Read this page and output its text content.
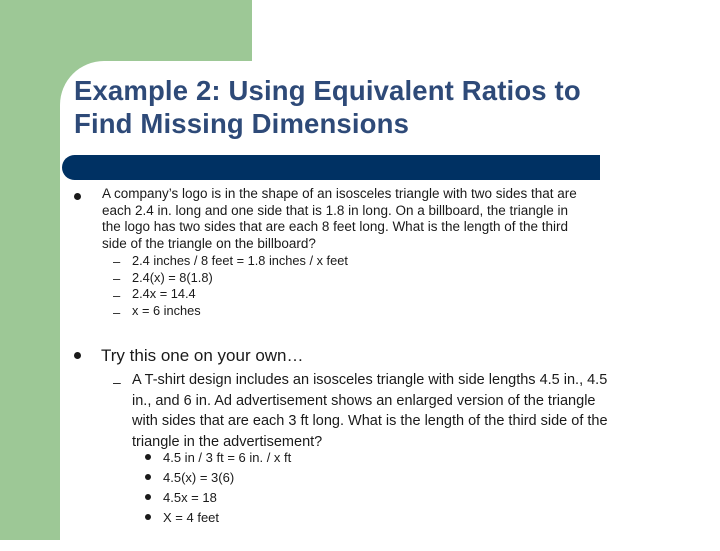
Example 2: Using Equivalent Ratios to
Find Missing Dimensions
A company’s logo is in the shape of an isosceles triangle with two sides that are
each 2.4 in. long and one side that is 1.8 in long. On a billboard, the triangle in
the logo has two sides that are each 8 feet long. What is the length of the third
side of the triangle on the billboard?
–
–
–
–
2.4 inches / 8 feet = 1.8 inches / x feet
2.4(x) = 8(1.8)
2.4x = 14.4
x = 6 inches
Try this one on your own…
– A T-shirt design includes an isosceles triangle with side lengths 4.5 in., 4.5
in., and 6 in. Ad advertisement shows an enlarged version of the triangle
with sides that are each 3 ft long. What is the length of the third side of the
triangle in the advertisement?
4.5 in / 3 ft = 6 in. / x ft
4.5(x) = 3(6)
4.5x = 18
X = 4 feet
